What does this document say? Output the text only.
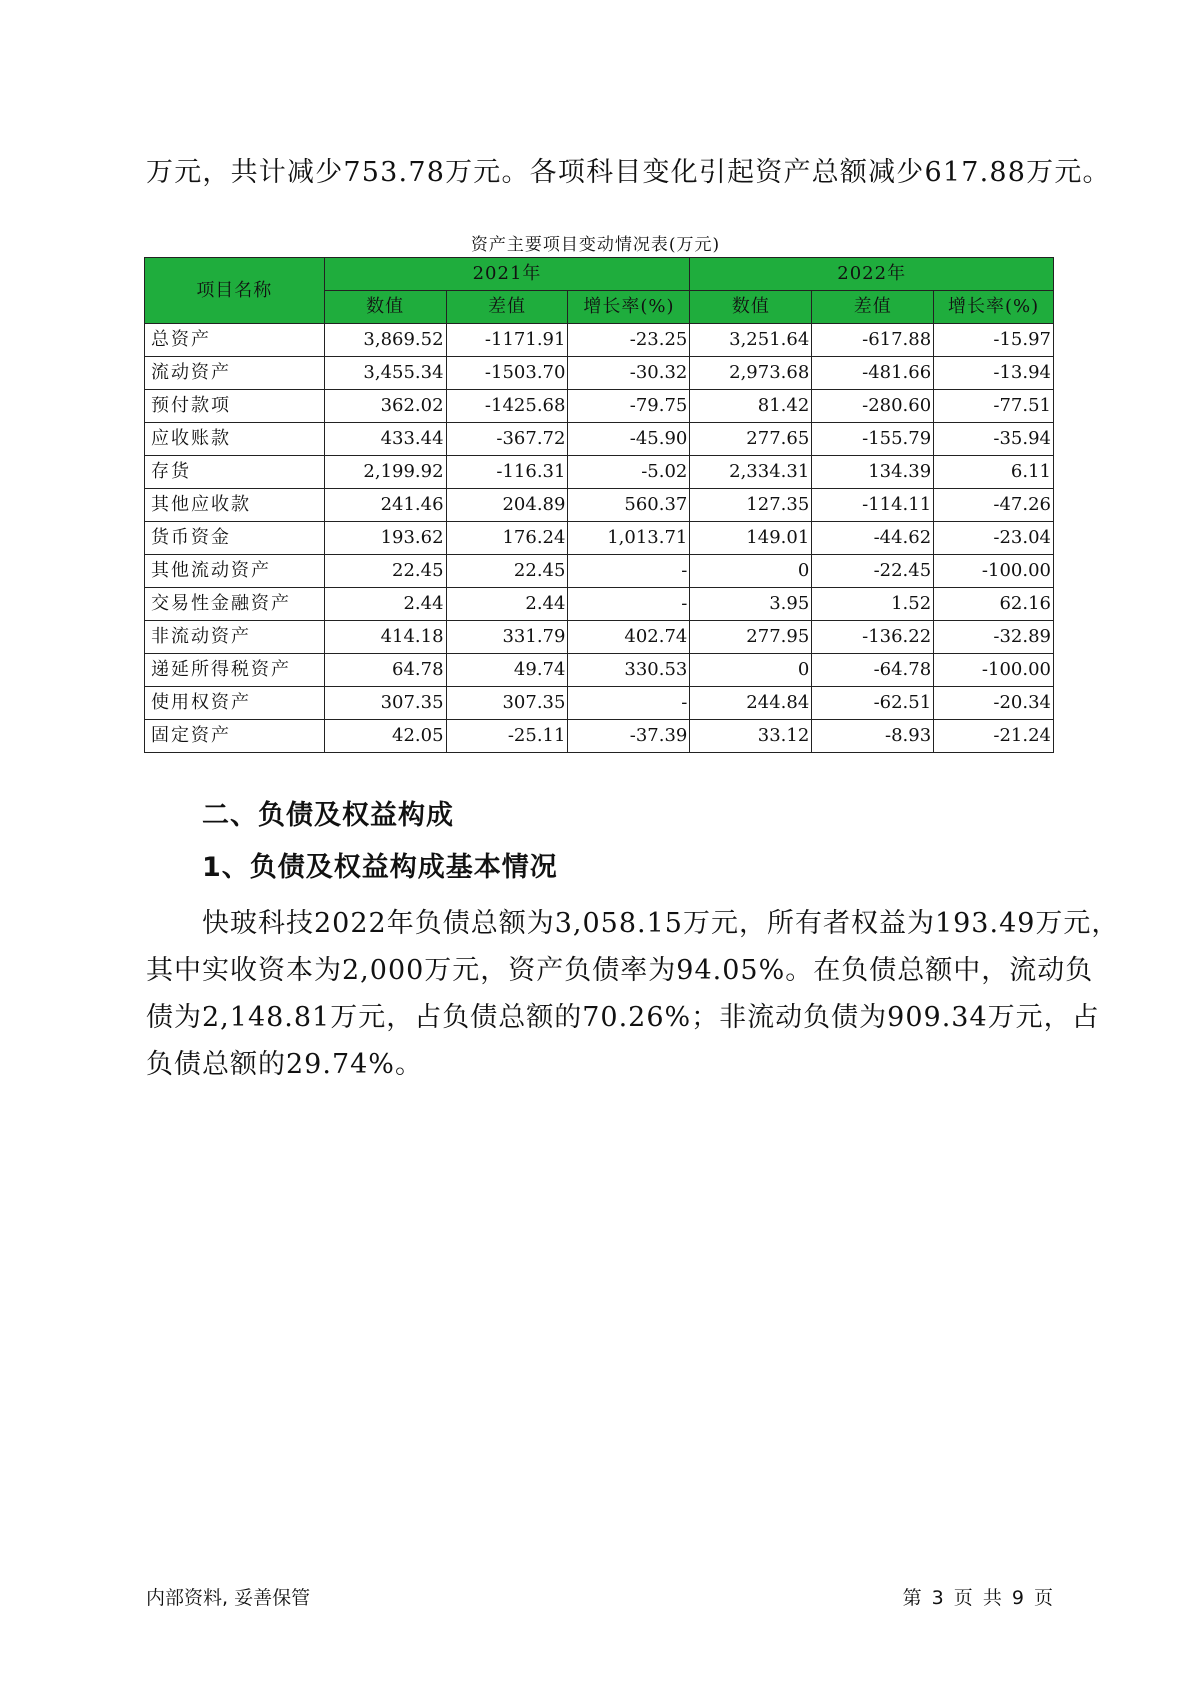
万元，共计减少753.78万元。各项科目变化引起资产总额减少617.88万元。
资产主要项目变动情况表(万元)
项目名称	2021年			2022年		
	数值	差值	增长率(%)	数值	差值	增长率(%)
总资产	3,869.52	-1171.91	-23.25	3,251.64	-617.88	-15.97
流动资产	3,455.34	-1503.70	-30.32	2,973.68	-481.66	-13.94
预付款项	362.02	-1425.68	-79.75	81.42	-280.60	-77.51
应收账款	433.44	-367.72	-45.90	277.65	-155.79	-35.94
存货	2,199.92	-116.31	-5.02	2,334.31	134.39	6.11
其他应收款	241.46	204.89	560.37	127.35	-114.11	-47.26
货币资金	193.62	176.24	1,013.71	149.01	-44.62	-23.04
其他流动资产	22.45	22.45	-	0	-22.45	-100.00
交易性金融资产	2.44	2.44	-	3.95	1.52	62.16
非流动资产	414.18	331.79	402.74	277.95	-136.22	-32.89
递延所得税资产	64.78	49.74	330.53	0	-64.78	-100.00
使用权资产	307.35	307.35	-	244.84	-62.51	-20.34
固定资产	42.05	-25.11	-37.39	33.12	-8.93	-21.24
二、负债及权益构成
1、负债及权益构成基本情况

快玻科技2022年负债总额为3,058.15万元，所有者权益为193.49万元，

其中实收资本为2,000万元，资产负债率为94.05%。在负债总额中，流动负

债为2,148.81万元，占负债总额的70.26%；非流动负债为909.34万元，占

负债总额的29.74%。

内部资料, 妥善保管	第 3 页 共 9 页
